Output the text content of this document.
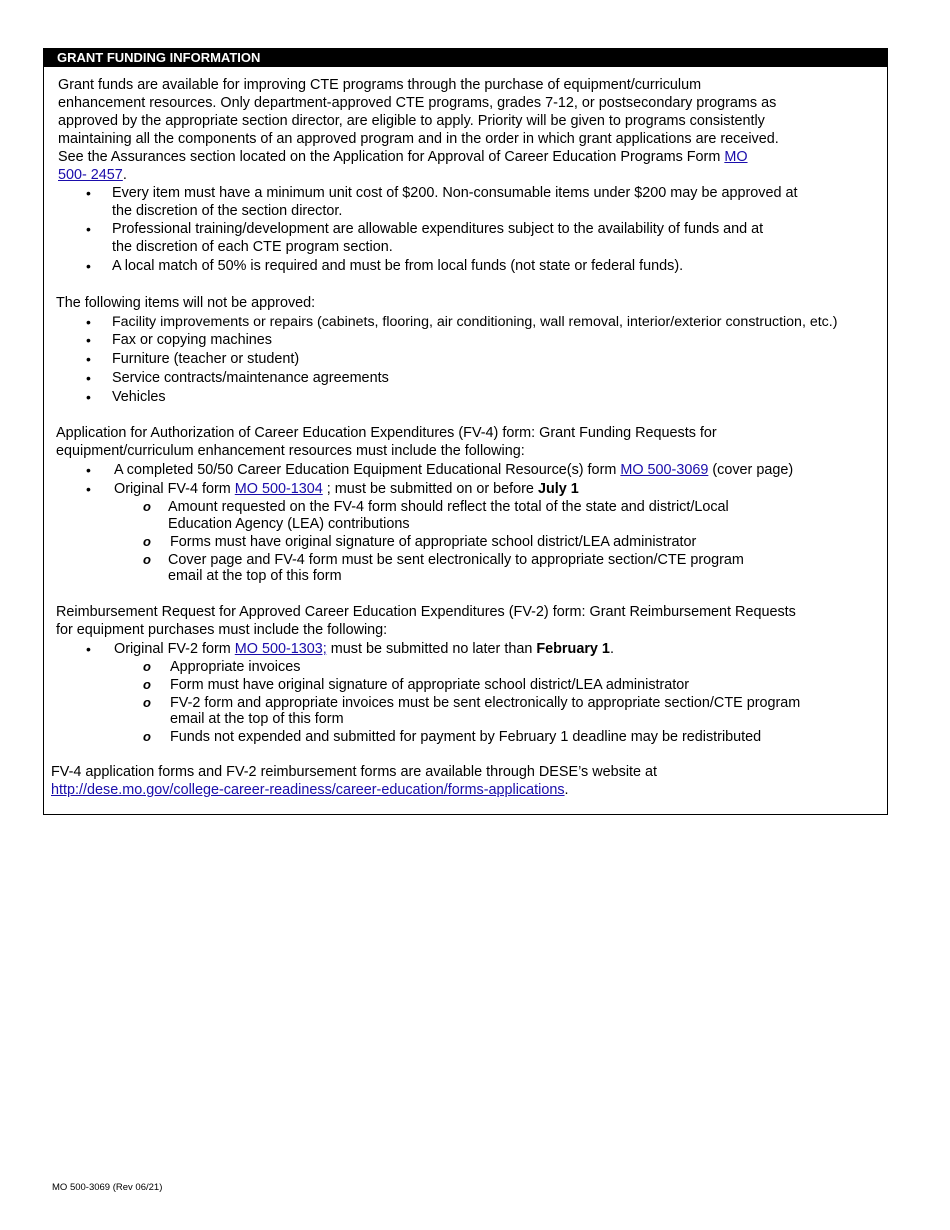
GRANT FUNDING INFORMATION
Grant funds are available for improving CTE programs through the purchase of equipment/curriculum
enhancement resources. Only department-approved CTE programs, grades 7-12, or postsecondary programs as
approved by the appropriate section director, are eligible to apply. Priority will be given to programs consistently
maintaining all the components of an approved program and in the order in which grant applications are received.
See the Assurances section located on the Application for Approval of Career Education Programs Form MO
500- 2457.
• Every item must have a minimum unit cost of $200. Non-consumable items under $200 may be approved at
the discretion of the section director.
• Professional training/development are allowable expenditures subject to the availability of funds and at
the discretion of each CTE program section.
• A local match of 50% is required and must be from local funds (not state or federal funds).
The following items will not be approved:
• Facility improvements or repairs (cabinets, flooring, air conditioning, wall removal, interior/exterior construction, etc.)
• Fax or copying machines
• Furniture (teacher or student)
• Service contracts/maintenance agreements
• Vehicles
Application for Authorization of Career Education Expenditures (FV-4) form: Grant Funding Requests for
equipment/curriculum enhancement resources must include the following:
• A completed 50/50 Career Education Equipment Educational Resource(s) form MO 500-3069 (cover page)
• Original FV-4 form MO 500-1304 ; must be submitted on or before July 1
o Amount requested on the FV-4 form should reflect the total of the state and district/Local
Education Agency (LEA) contributions
o Forms must have original signature of appropriate school district/LEA administrator
o Cover page and FV-4 form must be sent electronically to appropriate section/CTE program
email at the top of this form
Reimbursement Request for Approved Career Education Expenditures (FV-2) form: Grant Reimbursement Requests
for equipment purchases must include the following:
• Original FV-2 form MO 500-1303; must be submitted no later than February 1.
o Appropriate invoices
o Form must have original signature of appropriate school district/LEA administrator
o FV-2 form and appropriate invoices must be sent electronically to appropriate section/CTE program
email at the top of this form
o Funds not expended and submitted for payment by February 1 deadline may be redistributed
FV-4 application forms and FV-2 reimbursement forms are available through DESE’s website at
http://dese.mo.gov/college-career-readiness/career-education/forms-applications.
MO 500-3069 (Rev 06/21)
